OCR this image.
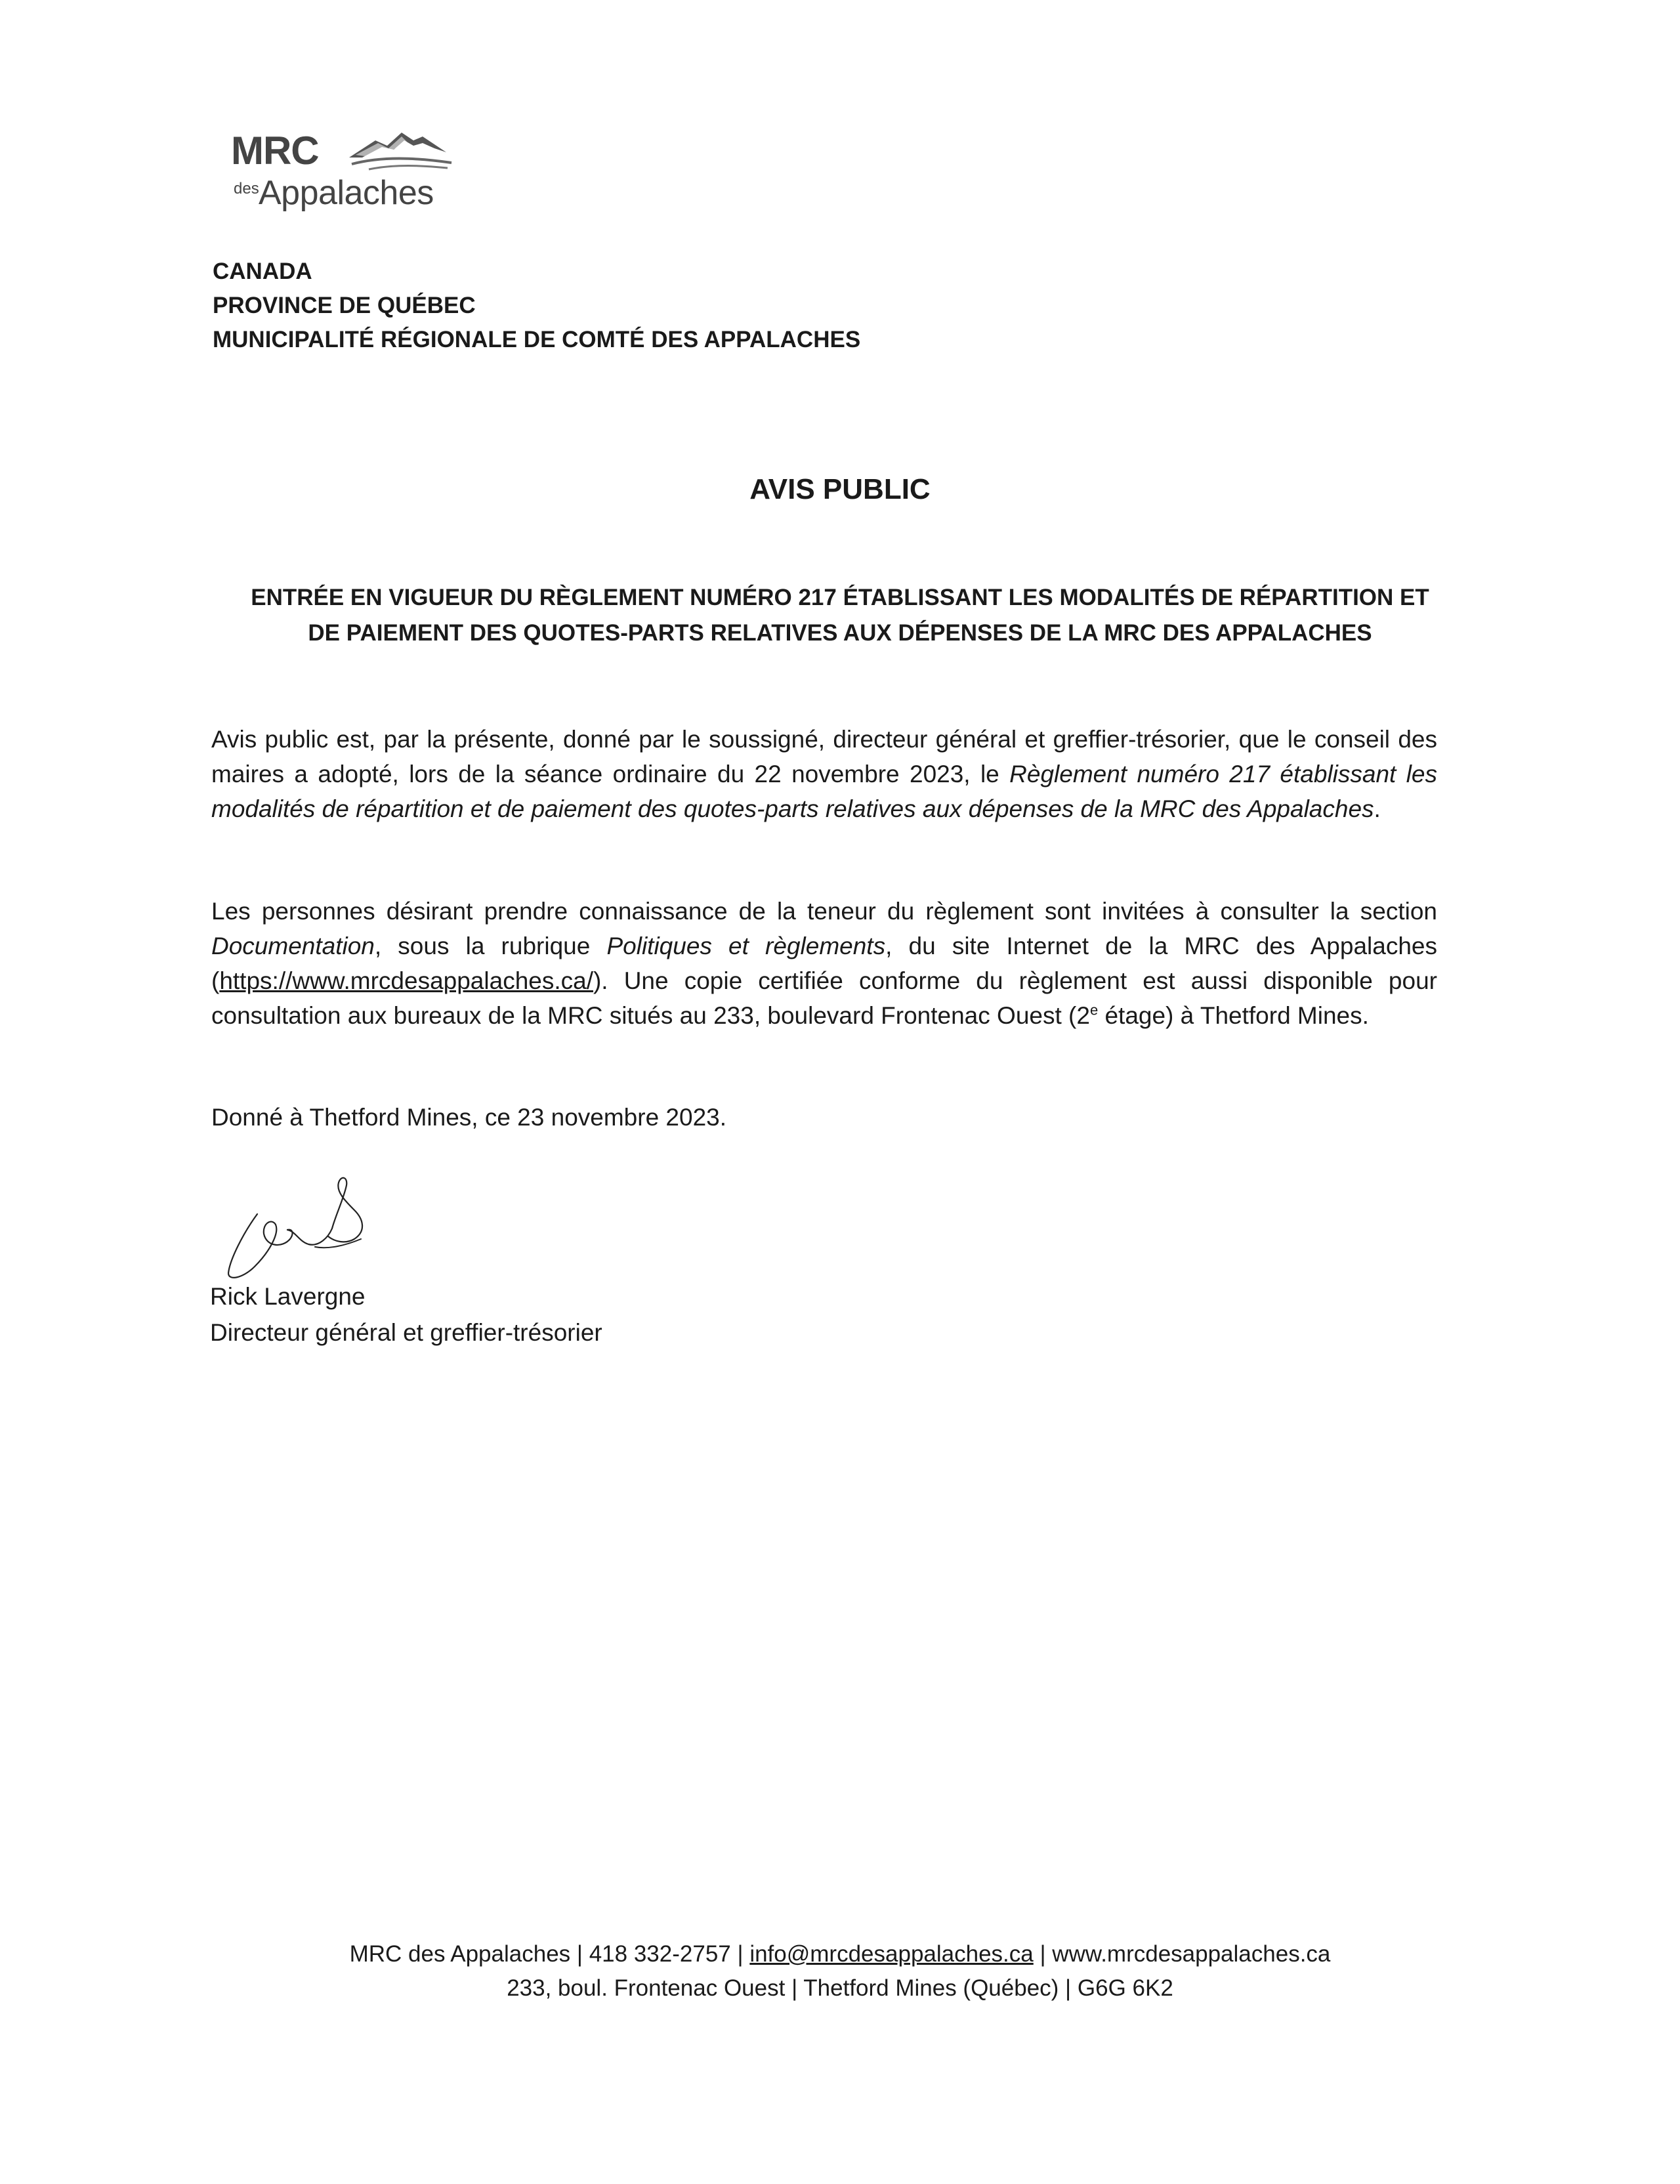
MRC
des Appalaches
CANADA
PROVINCE DE QUÉBEC
MUNICIPALITÉ RÉGIONALE DE COMTÉ DES APPALACHES
AVIS PUBLIC
ENTRÉE EN VIGUEUR DU RÈGLEMENT NUMÉRO 217 ÉTABLISSANT LES MODALITÉS DE RÉPARTITION ET
DE PAIEMENT DES QUOTES-PARTS RELATIVES AUX DÉPENSES DE LA MRC DES APPALACHES
Avis public est, par la présente, donné par le soussigné, directeur général et greffier-trésorier, que le conseil des maires a adopté, lors de la séance ordinaire du 22 novembre 2023, le Règlement numéro 217 établissant les modalités de répartition et de paiement des quotes-parts relatives aux dépenses de la MRC des Appalaches.
Les personnes désirant prendre connaissance de la teneur du règlement sont invitées à consulter la section Documentation, sous la rubrique Politiques et règlements, du site Internet de la MRC des Appalaches (https://www.mrcdesappalaches.ca/). Une copie certifiée conforme du règlement est aussi disponible pour consultation aux bureaux de la MRC situés au 233, boulevard Frontenac Ouest (2e étage) à Thetford Mines.
Donné à Thetford Mines, ce 23 novembre 2023.
Rick Lavergne
Directeur général et greffier-trésorier
MRC des Appalaches | 418 332-2757 | info@mrcdesappalaches.ca | www.mrcdesappalaches.ca
233, boul. Frontenac Ouest | Thetford Mines (Québec) | G6G 6K2
